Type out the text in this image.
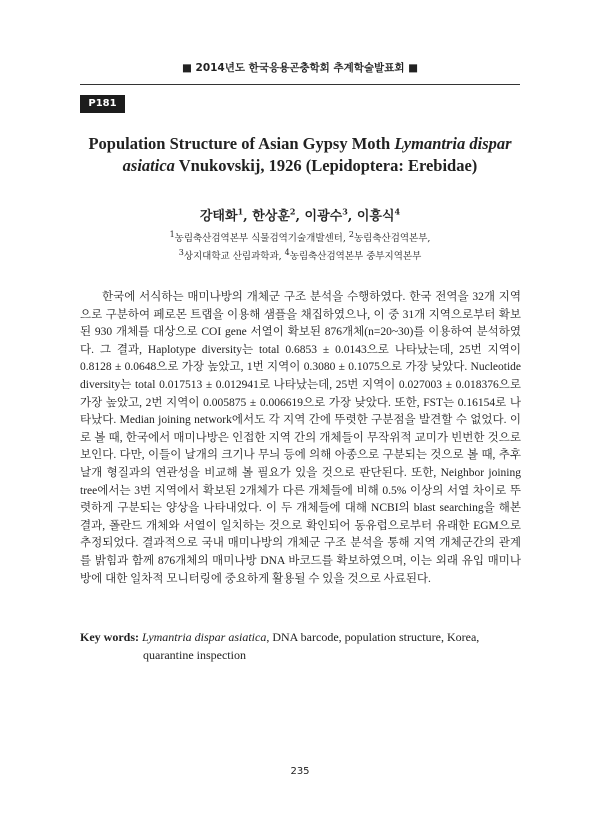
■ 2014년도 한국응용곤충학회 추계학술발표회 ■
P181
Population Structure of Asian Gypsy Moth Lymantria dispar asiatica Vnukovskij, 1926 (Lepidoptera: Erebidae)
강태화$^1$, 한상훈$^2$, 이광수$^3$, 이흥식$^4$
$^1$농림축산검역본부 식물검역기술개발센터, $^2$농림축산검역본부,
$^3$상지대학교 산림과학과, $^4$농림축산검역본부 중부지역본부

한국에 서식하는 매미나방의 개체군 구조 분석을 수행하였다. 한국 전역을 32개 지역으로 구분하여 페로몬 트랩을 이용해 샘플을 채집하였으나, 이 중 31개 지역으로부터 확보된 930 개체를 대상으로 COI gene 서열이 확보된 876개체(n=20~30)를 이용하여 분석하였다. 그 결과, Haplotype diversity는 total 0.6853 ± 0.0143으로 나타났는데, 25번 지역이 0.8128 ± 0.0648으로 가장 높았고, 1번 지역이 0.3080 ± 0.1075으로 가장 낮았다. Nucleotide diversity는 total 0.017513 ± 0.012941로 나타났는데, 25번 지역이 0.027003 ± 0.018376으로 가장 높았고, 2번 지역이 0.005875 ± 0.006619으로 가장 낮았다. 또한, FST는 0.16154로 나타났다. Median joining network에서도 각 지역 간에 뚜렷한 구분점을 발견할 수 없었다. 이로 볼 때, 한국에서 매미나방은 인접한 지역 간의 개체들이 무작위적 교미가 빈번한 것으로 보인다. 다만, 이들이 날개의 크기나 무늬 등에 의해 아종으로 구분되는 것으로 볼 때, 추후 날개 형질과의 연관성을 비교해 볼 필요가 있을 것으로 판단된다. 또한, Neighbor joining tree에서는 3번 지역에서 확보된 2개체가 다른 개체들에 비해 0.5% 이상의 서열 차이로 뚜렷하게 구분되는 양상을 나타내었다. 이 두 개체들에 대해 NCBI의 blast searching을 해본 결과, 폴란드 개체와 서열이 일치하는 것으로 확인되어 동유럽으로부터 유래한 EGM으로 추정되었다. 결과적으로 국내 매미나방의 개체군 구조 분석을 통해 지역 개체군간의 관계를 밝힘과 함께 876개체의 매미나방 DNA 바코드를 확보하였으며, 이는 외래 유입 매미나방에 대한 일차적 모니터링에 중요하게 활용될 수 있을 것으로 사료된다.

Key words: Lymantria dispar asiatica, DNA barcode, population structure, Korea,
quarantine inspection
235
